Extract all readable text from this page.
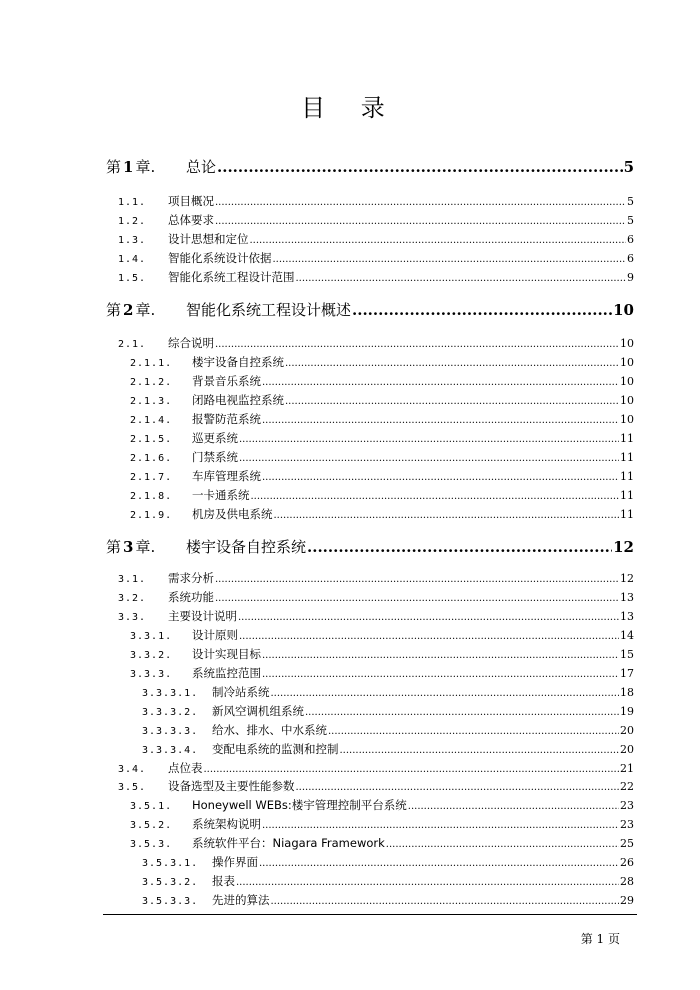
目 录
第 1 章.	总论 .....	5
1.1.	项目概况 .....	5
1.2.	总体要求 .....	5
1.3.	设计思想和定位 .....	6
1.4.	智能化系统设计依据 .....	6
1.5.	智能化系统工程设计范围 .....	9
第 2 章.	智能化系统工程设计概述 .....	10
2.1.	综合说明 .....	10
2.1.1.	楼宇设备自控系统 .....	10
2.1.2.	背景音乐系统 .....	10
2.1.3.	闭路电视监控系统 .....	10
2.1.4.	报警防范系统 .....	10
2.1.5.	巡更系统 .....	11
2.1.6.	门禁系统 .....	11
2.1.7.	车库管理系统 .....	11
2.1.8.	一卡通系统 .....	11
2.1.9.	机房及供电系统 .....	11
第 3 章.	楼宇设备自控系统 .....	12
3.1.	需求分析 .....	12
3.2.	系统功能 .....	13
3.3.	主要设计说明 .....	13
3.3.1.	设计原则 .....	14
3.3.2.	设计实现目标 .....	15
3.3.3.	系统监控范围 .....	17
3.3.3.1.	制冷站系统 .....	18
3.3.3.2.	新风空调机组系统 .....	19
3.3.3.3.	给水、排水、中水系统 .....	20
3.3.3.4.	变配电系统的监测和控制 .....	20
3.4.	点位表 .....	21
3.5.	设备选型及主要性能参数 .....	22
3.5.1.	Honeywell WEBs:楼宇管理控制平台系统 .....	23
3.5.2.	系统架构说明 .....	23
3.5.3.	系统软件平台：Niagara Framework .....	25
3.5.3.1.	操作界面 .....	26
3.5.3.2.	报表 .....	28
3.5.3.3.	先进的算法 .....	29
第 1 页
